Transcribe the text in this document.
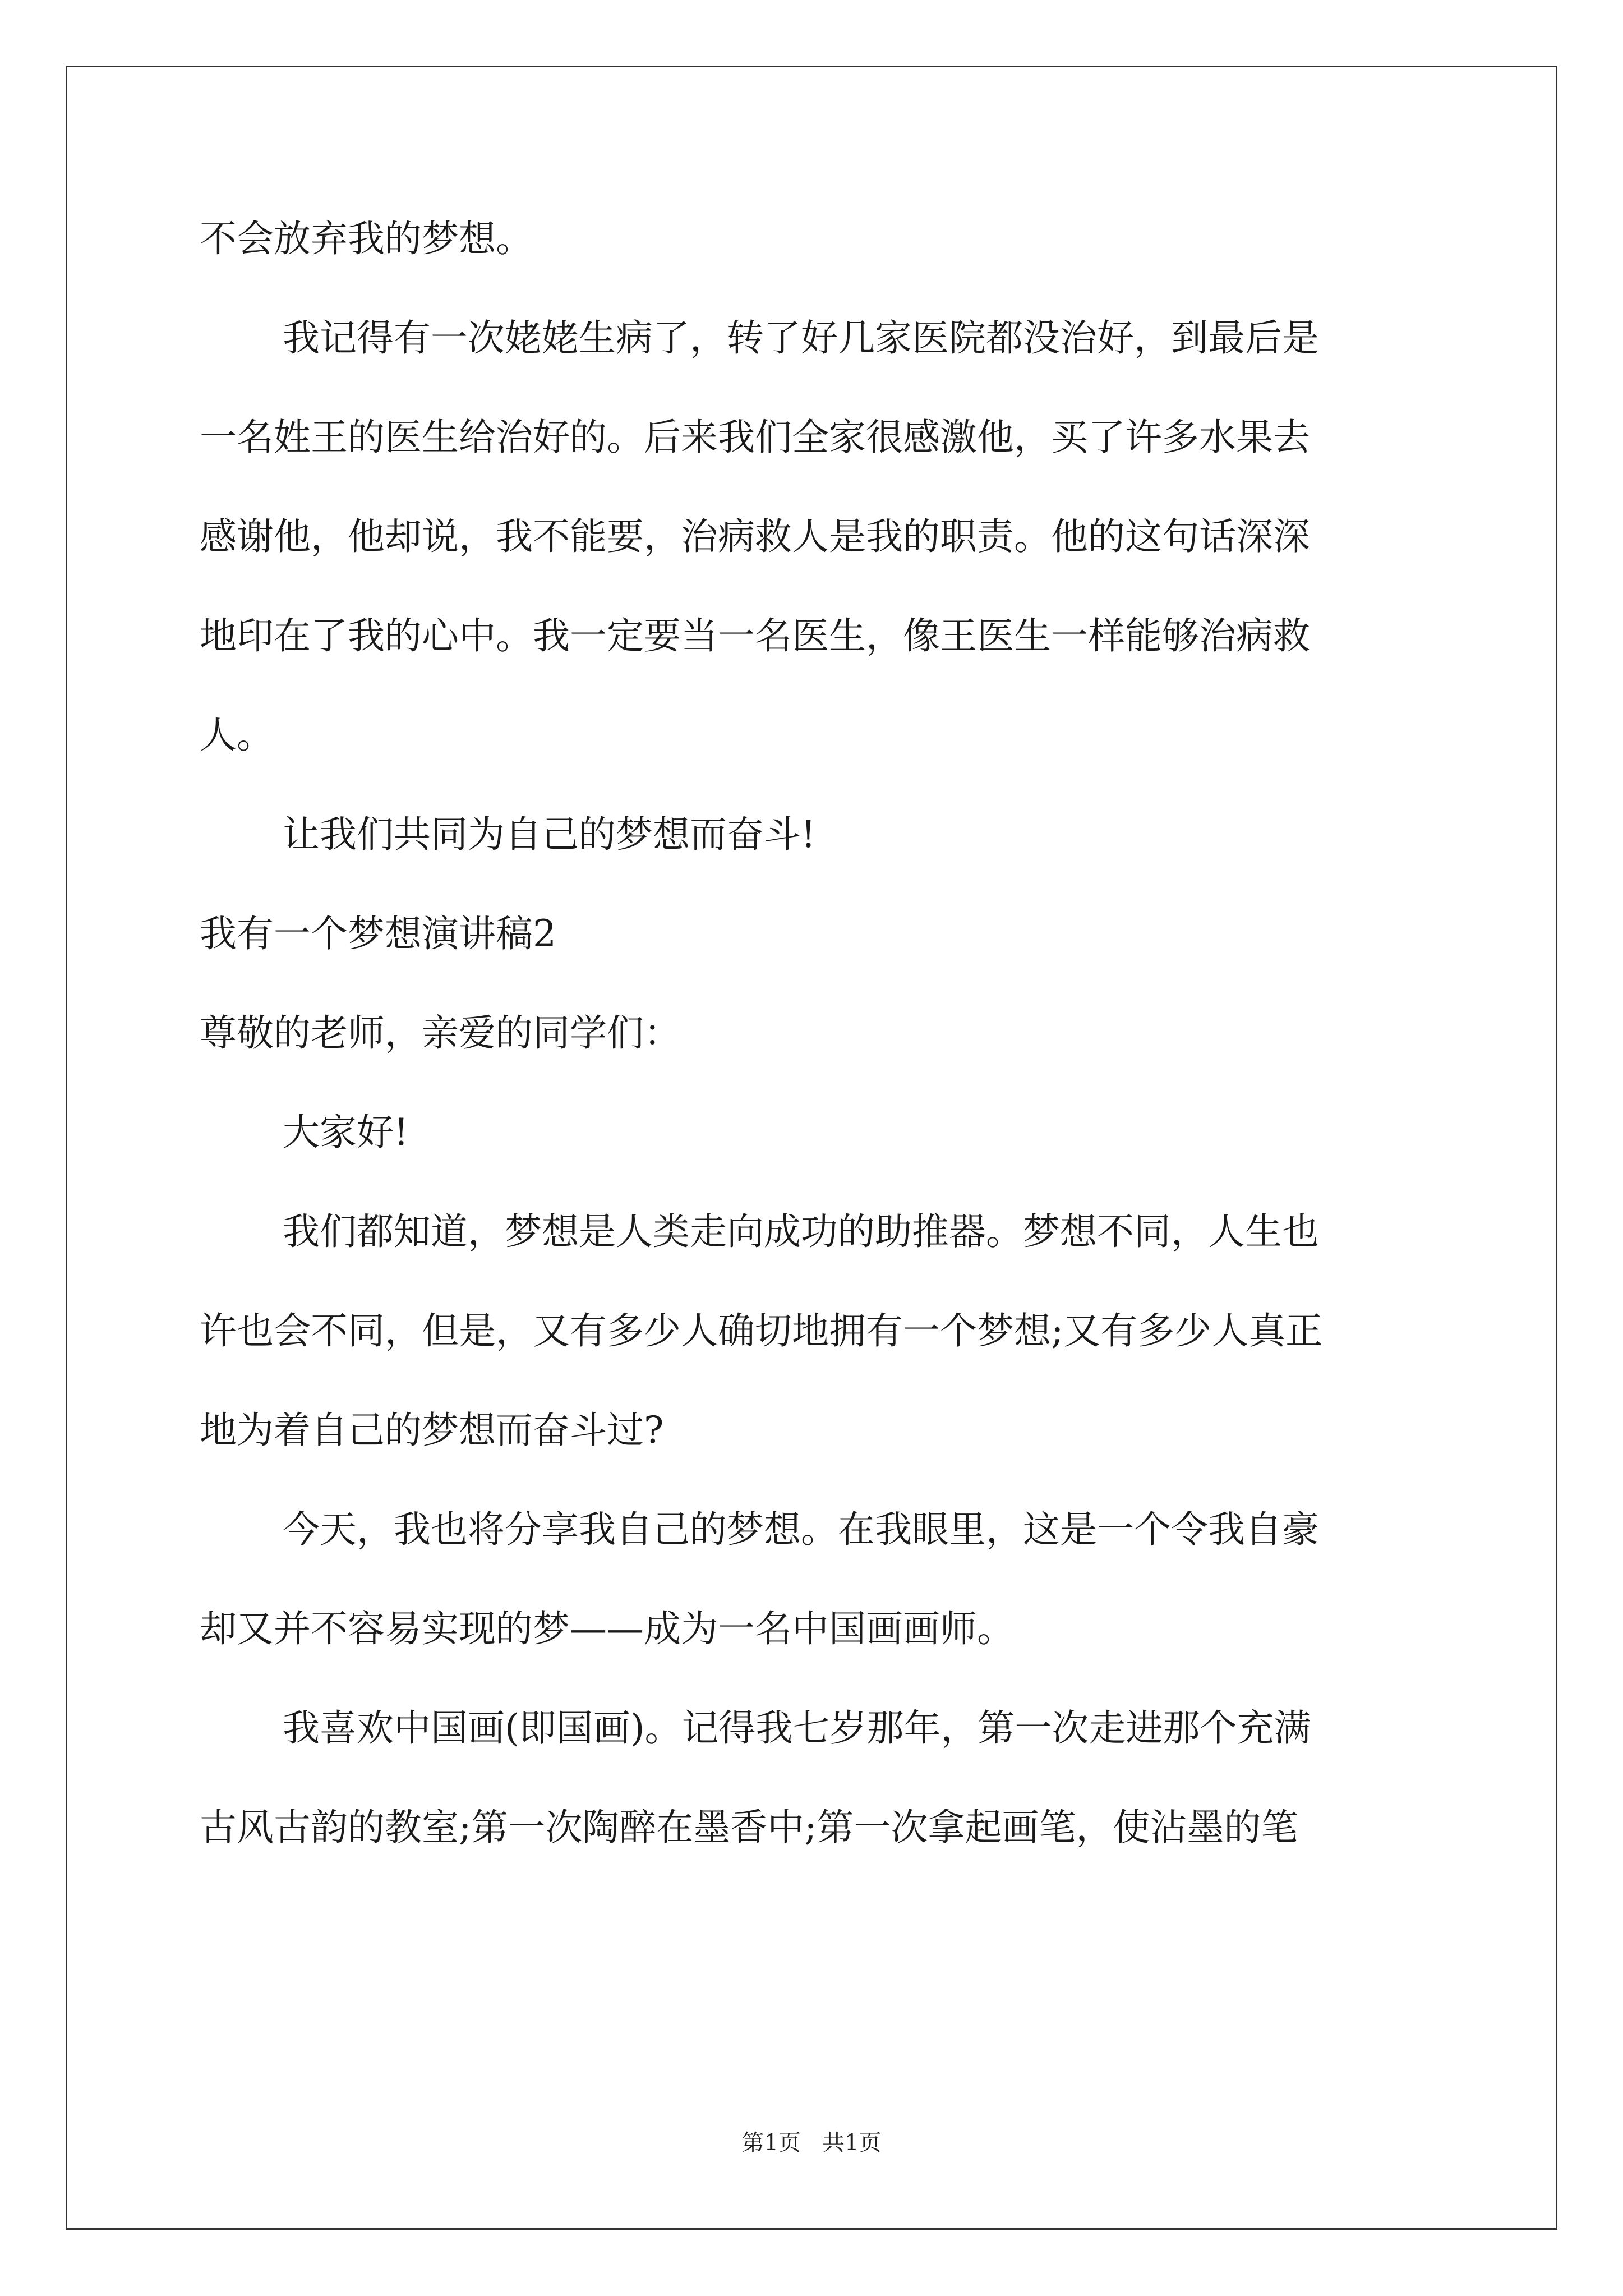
不会放弃我的梦想。
我记得有一次姥姥生病了，转了好几家医院都没治好，到最后是
一名姓王的医生给治好的。后来我们全家很感激他，买了许多水果去
感谢他，他却说，我不能要，治病救人是我的职责。他的这句话深深
地印在了我的心中。我一定要当一名医生，像王医生一样能够治病救
人。
让我们共同为自己的梦想而奋斗!
我有一个梦想演讲稿2
尊敬的老师，亲爱的同学们：
大家好!
我们都知道，梦想是人类走向成功的助推器。梦想不同，人生也
许也会不同，但是，又有多少人确切地拥有一个梦想;又有多少人真正
地为着自己的梦想而奋斗过?
今天，我也将分享我自己的梦想。在我眼里，这是一个令我自豪
却又并不容易实现的梦——成为一名中国画画师。
我喜欢中国画(即国画)。记得我七岁那年，第一次走进那个充满
古风古韵的教室;第一次陶醉在墨香中;第一次拿起画笔，使沾墨的笔
第1页   共1页
